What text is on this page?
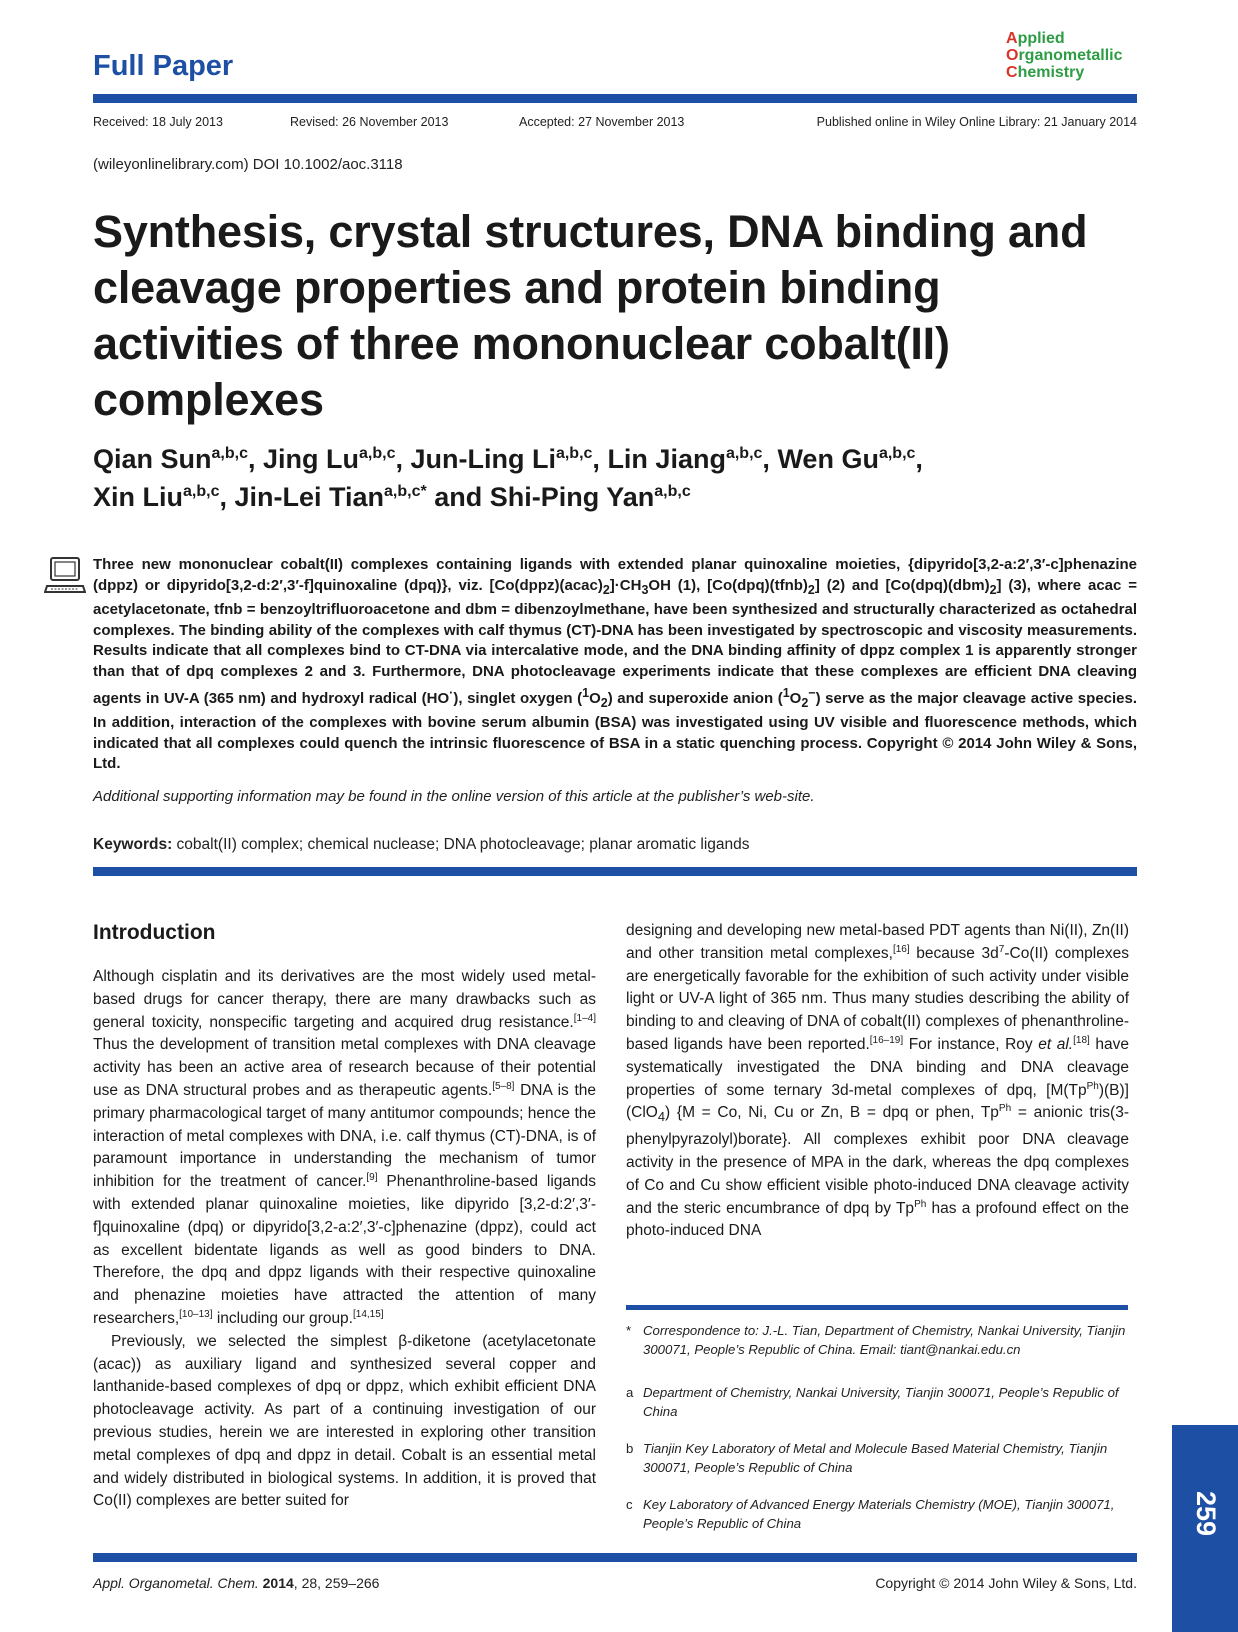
Full Paper
Applied
Organometallic
Chemistry
Received: 18 July 2013	Revised: 26 November 2013	Accepted: 27 November 2013	Published online in Wiley Online Library: 21 January 2014
(wileyonlinelibrary.com) DOI 10.1002/aoc.3118
Synthesis, crystal structures, DNA binding and cleavage properties and protein binding activities of three mononuclear cobalt(II) complexes
Qian Sun$^{a,b,c}$, Jing Lu$^{a,b,c}$, Jun-Ling Li$^{a,b,c}$, Lin Jiang$^{a,b,c}$, Wen Gu$^{a,b,c}$,
Xin Liu$^{a,b,c}$, Jin-Lei Tian$^{a,b,c*}$ and Shi-Ping Yan$^{a,b,c}$
Three new mononuclear cobalt(II) complexes containing ligands with extended planar quinoxaline moieties, {dipyrido[3,2-a:2′,3′-c]phenazine (dppz) or dipyrido[3,2-d:2′,3′-f]quinoxaline (dpq)}, viz. $[Co(dppz)(acac)_2]\cdot CH_3OH$ (1), $[Co(dpq)(tfnb)_2]$ (2) and $[Co(dpq)(dbm)_2]$ (3), where acac = acetylacetonate, tfnb = benzoyltrifluoroacetone and dbm = dibenzoylmethane, have been synthesized and structurally characterized as octahedral complexes. The binding ability of the complexes with calf thymus (CT)-DNA has been investigated by spectroscopic and viscosity measurements. Results indicate that all complexes bind to CT-DNA via intercalative mode, and the DNA binding affinity of dppz complex 1 is apparently stronger than that of dpq complexes 2 and 3. Furthermore, DNA photocleavage experiments indicate that these complexes are efficient DNA cleaving agents in UV-A (365 nm) and hydroxyl radical (HO·), singlet oxygen $(^1O_2)$ and superoxide anion $(^1O_2^-)$ serve as the major cleavage active species. In addition, interaction of the complexes with bovine serum albumin (BSA) was investigated using UV visible and fluorescence methods, which indicated that all complexes could quench the intrinsic fluorescence of BSA in a static quenching process. Copyright © 2014 John Wiley & Sons, Ltd.
Additional supporting information may be found in the online version of this article at the publisher’s web-site.
Keywords: cobalt(II) complex; chemical nuclease; DNA photocleavage; planar aromatic ligands
Introduction

Although cisplatin and its derivatives are the most widely used metal-based drugs for cancer therapy, there are many drawbacks such as general toxicity, nonspecific targeting and acquired drug resistance.[1–4] Thus the development of transition metal complexes with DNA cleavage activity has been an active area of research because of their potential use as DNA structural probes and as therapeutic agents.[5–8] DNA is the primary pharmacological target of many antitumor compounds; hence the interaction of metal complexes with DNA, i.e. calf thymus (CT)-DNA, is of paramount importance in understanding the mechanism of tumor inhibition for the treatment of cancer.[9] Phenanthroline-based ligands with extended planar quinoxaline moieties, like dipyrido [3,2-d:2′,3′-f]quinoxaline (dpq) or dipyrido[3,2-a:2′,3′-c]phenazine (dppz), could act as excellent bidentate ligands as well as good binders to DNA. Therefore, the dpq and dppz ligands with their respective quinoxaline and phenazine moieties have attracted the attention of many researchers,[10–13] including our group.[14,15]

Previously, we selected the simplest β-diketone (acetylacetonate (acac)) as auxiliary ligand and synthesized several copper and lanthanide-based complexes of dpq or dppz, which exhibit efficient DNA photocleavage activity. As part of a continuing investigation of our previous studies, herein we are interested in exploring other transition metal complexes of dpq and dppz in detail. Cobalt is an essential metal and widely distributed in biological systems. In addition, it is proved that Co(II) complexes are better suited for

designing and developing new metal-based PDT agents than Ni(II), Zn(II) and other transition metal complexes,[16] because $3d^7-Co(II)$ complexes are energetically favorable for the exhibition of such activity under visible light or UV-A light of 365 nm. Thus many studies describing the ability of binding to and cleaving of DNA of cobalt(II) complexes of phenanthroline-based ligands have been reported.[16–19] For instance, Roy et al.[18] have systematically investigated the DNA binding and DNA cleavage properties of some ternary 3d-metal complexes of dpq, $[M(Tp^{Ph})(B)](ClO_4) \{M = Co$, Ni, Cu or Zn, B = dpq or phen, $Tp^{Ph}$ = anionic tris(3-phenylpyrazolyl)borate}. All complexes exhibit poor DNA cleavage activity in the presence of MPA in the dark, whereas the dpq complexes of Co and Cu show efficient visible photo-induced DNA cleavage activity and the steric encumbrance of dpq by $Tp^{Ph}$ has a profound effect on the photo-induced DNA

* Correspondence to: J.-L. Tian, Department of Chemistry, Nankai University, Tianjin 300071, People’s Republic of China. Email: tiant@nankai.edu.cn
a Department of Chemistry, Nankai University, Tianjin 300071, People’s Republic of China
b Tianjin Key Laboratory of Metal and Molecule Based Material Chemistry, Tianjin 300071, People’s Republic of China
c Key Laboratory of Advanced Energy Materials Chemistry (MOE), Tianjin 300071, People’s Republic of China	259
Appl. Organometal. Chem. 2014, 28, 259–266	Copyright © 2014 John Wiley & Sons, Ltd.
